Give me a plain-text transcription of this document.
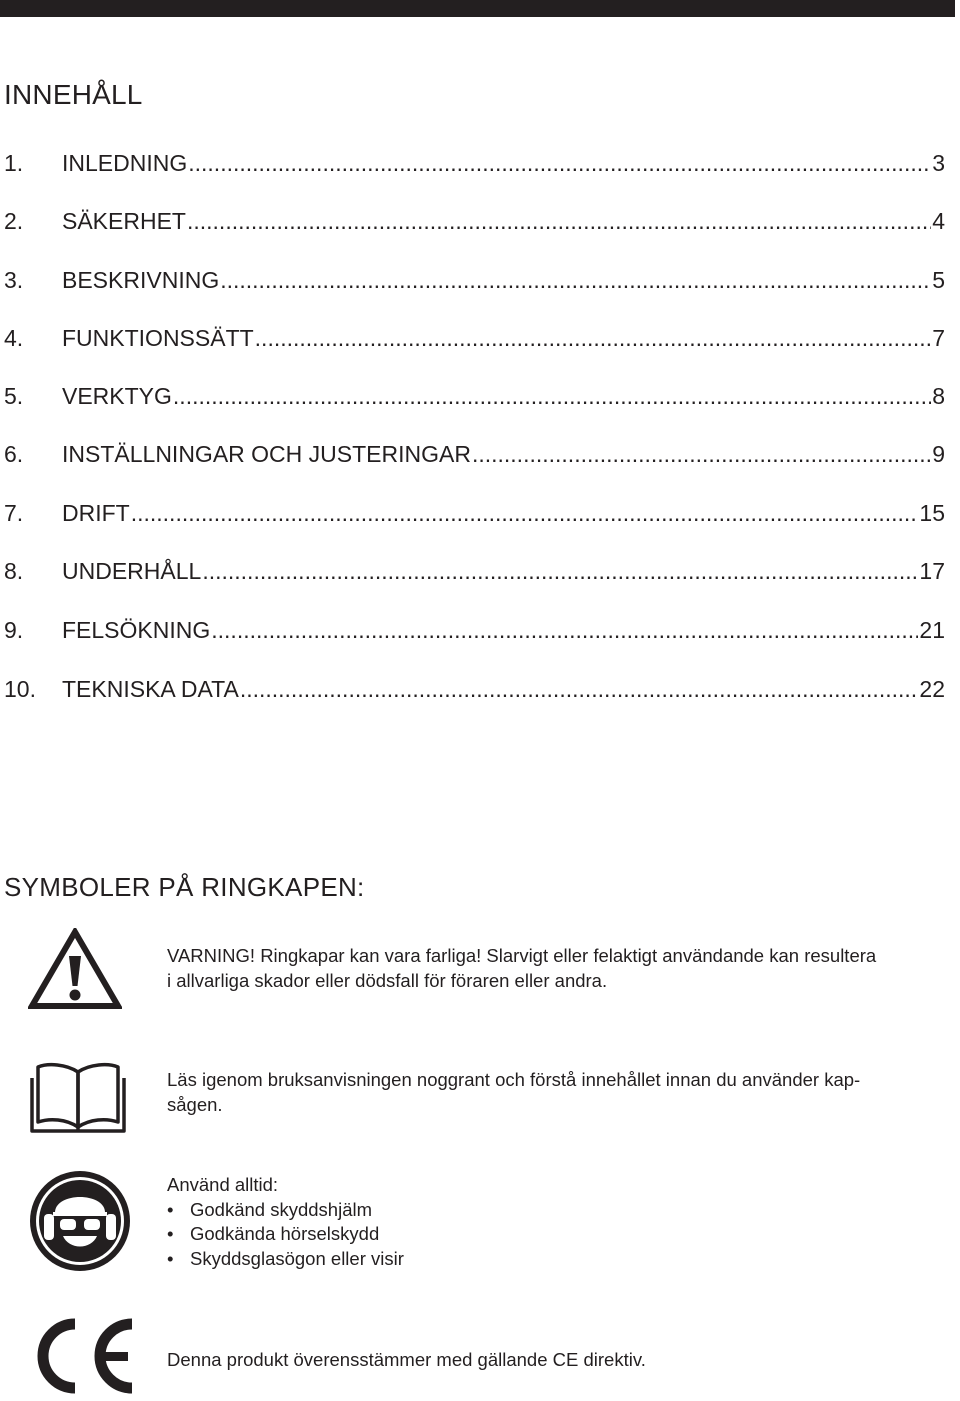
INNEHÅLL
1.	INLEDNING .....	3
2.	SÄKERHET .....	4
3.	BESKRIVNING .....	5
4.	FUNKTIONSSÄTT .....	7
5.	VERKTYG .....	8
6.	INSTÄLLNINGAR OCH JUSTERINGAR .....	9
7.	DRIFT .....	15
8.	UNDERHÅLL .....	17
9.	FELSÖKNING .....	21
10.	TEKNISKA DATA .....	22
SYMBOLER PÅ RINGKAPEN:
VARNING! Ringkapar kan vara farliga! Slarvigt eller felaktigt användande kan resultera
i allvarliga skador eller dödsfall för föraren eller andra.
Läs igenom bruksanvisningen noggrant och förstå innehållet innan du använder kap-
sågen.
Använd alltid:
• Godkänd skyddshjälm
• Godkända hörselskydd
• Skyddsglasögon eller visir
Denna produkt överensstämmer med gällande CE direktiv.
